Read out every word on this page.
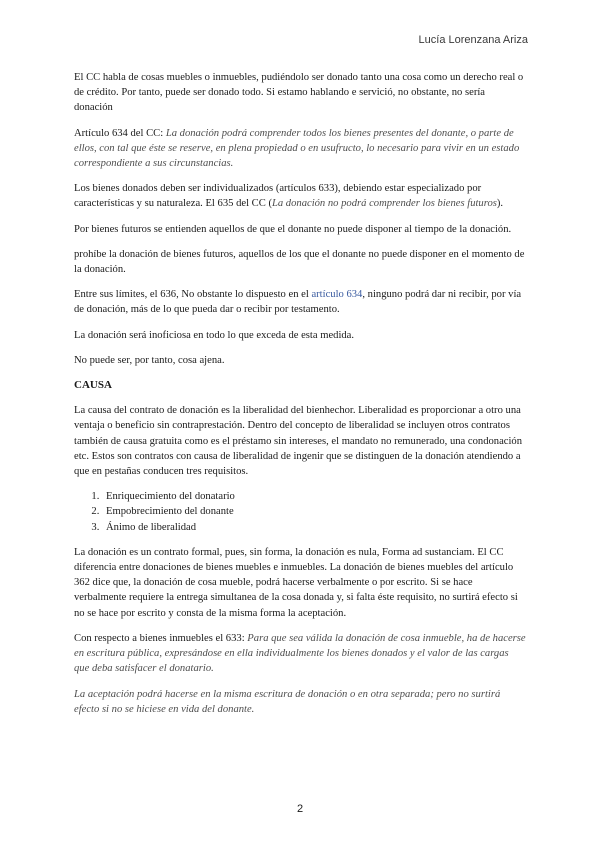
Lucía Lorenzana Ariza

El CC habla de cosas muebles o inmuebles, pudiéndolo ser donado tanto una cosa como un derecho real o de crédito. Por tanto, puede ser donado todo. Si estamo hablando e servició, no obstante, no sería donación

Artículo 634 del CC: La donación podrá comprender todos los bienes presentes del donante, o parte de ellos, con tal que éste se reserve, en plena propiedad o en usufructo, lo necesario para vivir en un estado correspondiente a sus circunstancias.

Los bienes donados deben ser individualizados (artículos 633), debiendo estar especializado por características y su naturaleza. El 635 del CC (La donación no podrá comprender los bienes futuros).

Por bienes futuros se entienden aquellos de que el donante no puede disponer al tiempo de la donación.

prohíbe la donación de bienes futuros, aquellos de los que el donante no puede disponer en el momento de la donación.

Entre sus límites, el 636, No obstante lo dispuesto en el artículo 634, ninguno podrá dar ni recibir, por vía de donación, más de lo que pueda dar o recibir por testamento.

La donación será inoficiosa en todo lo que exceda de esta medida.

No puede ser, por tanto, cosa ajena.

CAUSA

La causa del contrato de donación es la liberalidad del bienhechor. Liberalidad es proporcionar a otro una ventaja o beneficio sin contraprestación. Dentro del concepto de liberalidad se incluyen otros contratos también de causa gratuita como es el préstamo sin intereses, el mandato no remunerado, una condonación etc. Estos son contratos con causa de liberalidad de ingenir que se distinguen de la donación atendiendo a que en pestañas conducen tres requisitos.

1. Enriquecimiento del donatario
2. Empobrecimiento del donante
3. Ánimo de liberalidad

La donación es un contrato formal, pues, sin forma, la donación es nula, Forma ad sustanciam. El CC diferencia entre donaciones de bienes muebles e inmuebles. La donación de bienes muebles del artículo 362 dice que, la donación de cosa mueble, podrá hacerse verbalmente o por escrito. Si se hace verbalmente requiere la entrega simultanea de la cosa donada y, si falta éste requisito, no surtirá efecto si no se hace por escrito y consta de la misma forma la aceptación.

Con respecto a bienes inmuebles el 633: Para que sea válida la donación de cosa inmueble, ha de hacerse en escritura pública, expresándose en ella individualmente los bienes donados y el valor de las cargas que deba satisfacer el donatario.

La aceptación podrá hacerse en la misma escritura de donación o en otra separada; pero no surtirá efecto si no se hiciese en vida del donante.

2
